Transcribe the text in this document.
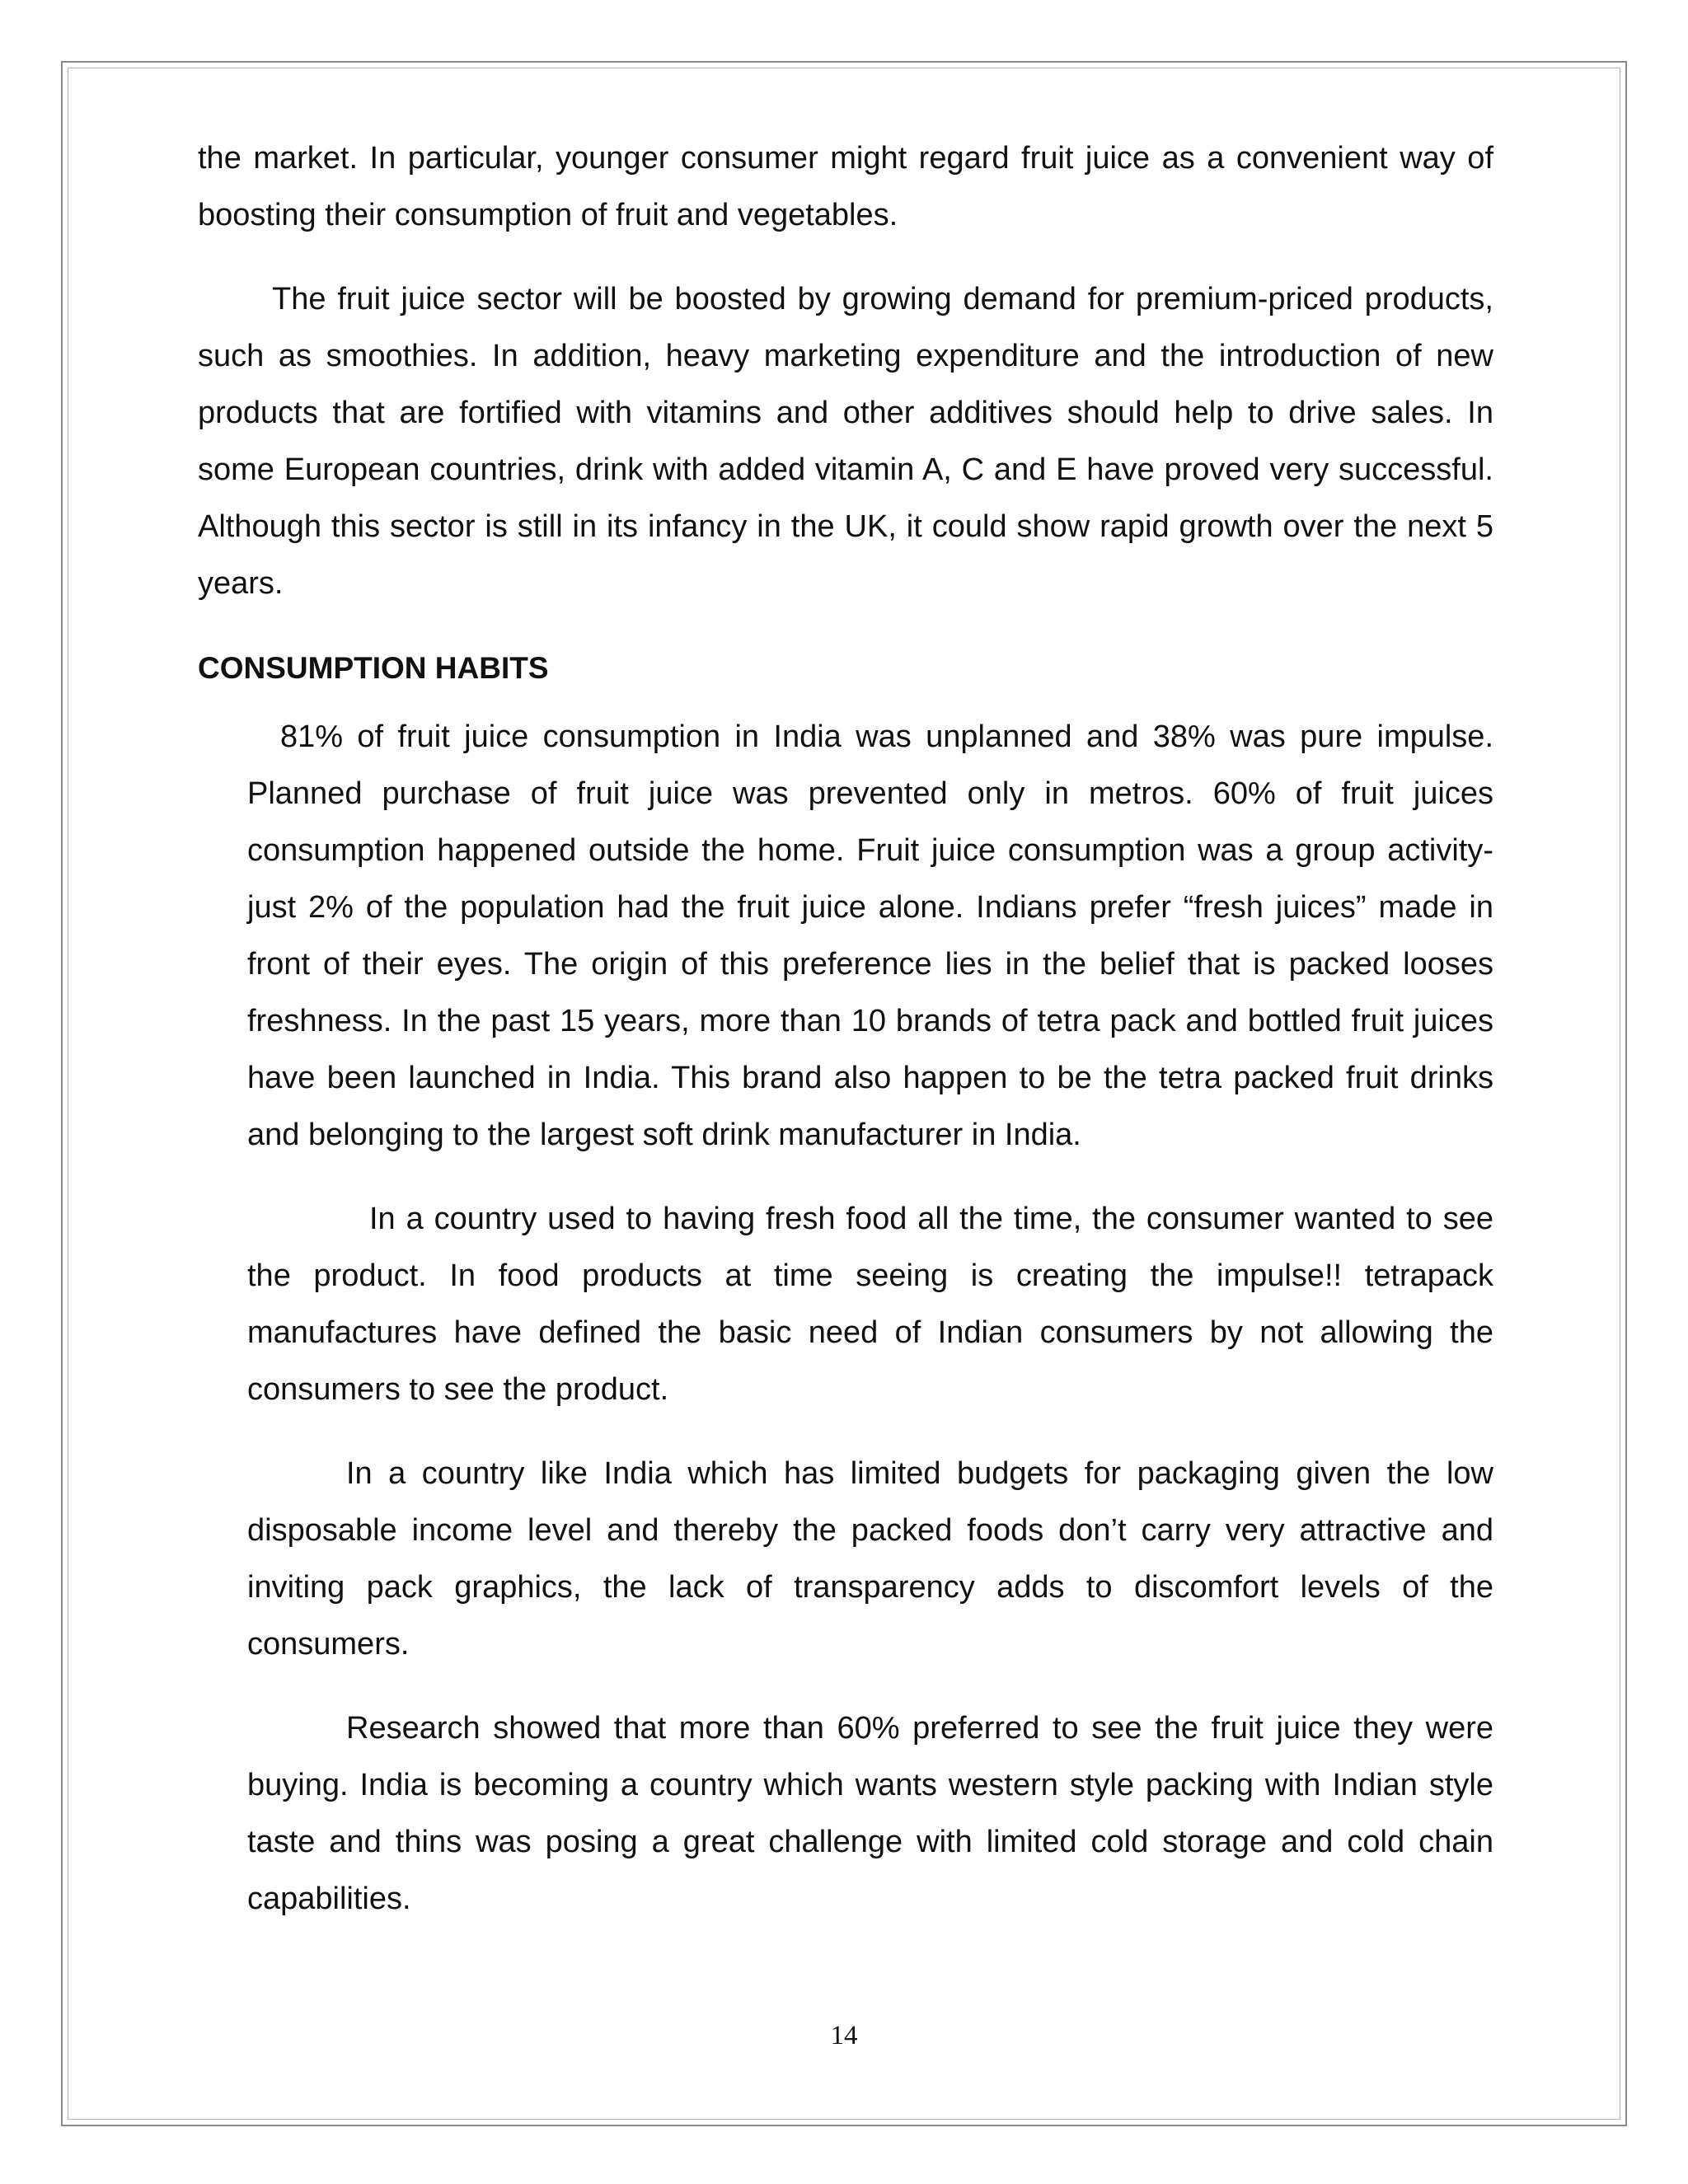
the market. In particular, younger consumer might regard fruit juice as a convenient way of boosting their consumption of fruit and vegetables.

The fruit juice sector will be boosted by growing demand for premium-priced products, such as smoothies. In addition, heavy marketing expenditure and the introduction of new products that are fortified with vitamins and other additives should help to drive sales. In some European countries, drink with added vitamin A, C and E have proved very successful. Although this sector is still in its infancy in the UK, it could show rapid growth over the next 5 years.

CONSUMPTION HABITS

81% of fruit juice consumption in India was unplanned and 38% was pure impulse. Planned purchase of fruit juice was prevented only in metros. 60% of fruit juices consumption happened outside the home. Fruit juice consumption was a group activity-just 2% of the population had the fruit juice alone. Indians prefer “fresh juices” made in front of their eyes. The origin of this preference lies in the belief that is packed looses freshness. In the past 15 years, more than 10 brands of tetra pack and bottled fruit juices have been launched in India. This brand also happen to be the tetra packed fruit drinks and belonging to the largest soft drink manufacturer in India.

In a country used to having fresh food all the time, the consumer wanted to see the product. In food products at time seeing is creating the impulse!! tetrapack manufactures have defined the basic need of Indian consumers by not allowing the consumers to see the product.

In a country like India which has limited budgets for packaging given the low disposable income level and thereby the packed foods don’t carry very attractive and inviting pack graphics, the lack of transparency adds to discomfort levels of the consumers.

Research showed that more than 60% preferred to see the fruit juice they were buying. India is becoming a country which wants western style packing with Indian style taste and thins was posing a great challenge with limited cold storage and cold chain capabilities.

14
